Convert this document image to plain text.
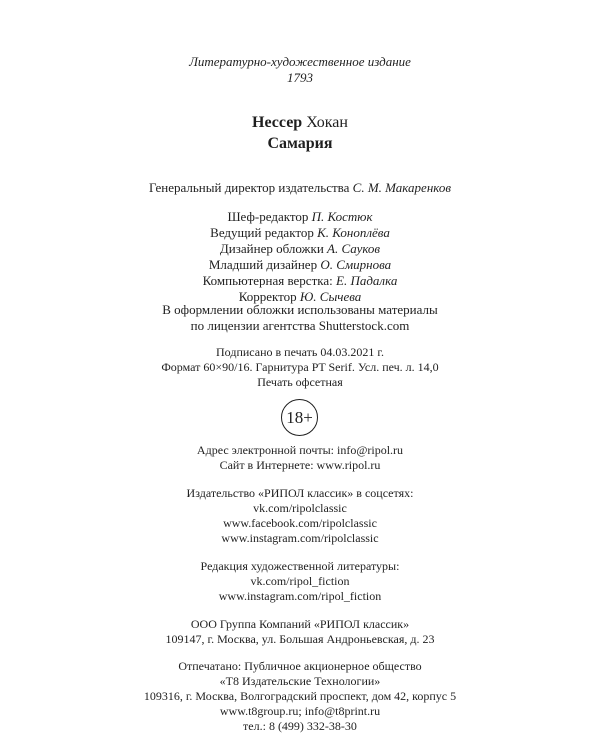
Литературно-художественное издание
1793
Нессер Хокан
Самария
Генеральный директор издательства С. М. Макаренков
Шеф-редактор П. Костюк
Ведущий редактор К. Коноплёва
Дизайнер обложки А. Сауков
Младший дизайнер О. Смирнова
Компьютерная верстка: Е. Падалка
Корректор Ю. Сычева
В оформлении обложки использованы материалы
по лицензии агентства Shutterstock.com
Подписано в печать 04.03.2021 г.
Формат 60×90/16. Гарнитура PT Serif. Усл. печ. л. 14,0
Печать офсетная
18+
Адрес электронной почты: info@ripol.ru
Сайт в Интернете: www.ripol.ru
Издательство «РИПОЛ классик» в соцсетях:
vk.com/ripolclassic
www.facebook.com/ripolclassic
www.instagram.com/ripolclassic
Редакция художественной литературы:
vk.com/ripol_fiction
www.instagram.com/ripol_fiction
ООО Группа Компаний «РИПОЛ классик»
109147, г. Москва, ул. Большая Андроньевская, д. 23
Отпечатано: Публичное акционерное общество
«Т8 Издательские Технологии»
109316, г. Москва, Волгоградский проспект, дом 42, корпус 5
www.t8group.ru; info@t8print.ru
тел.: 8 (499) 332-38-30
